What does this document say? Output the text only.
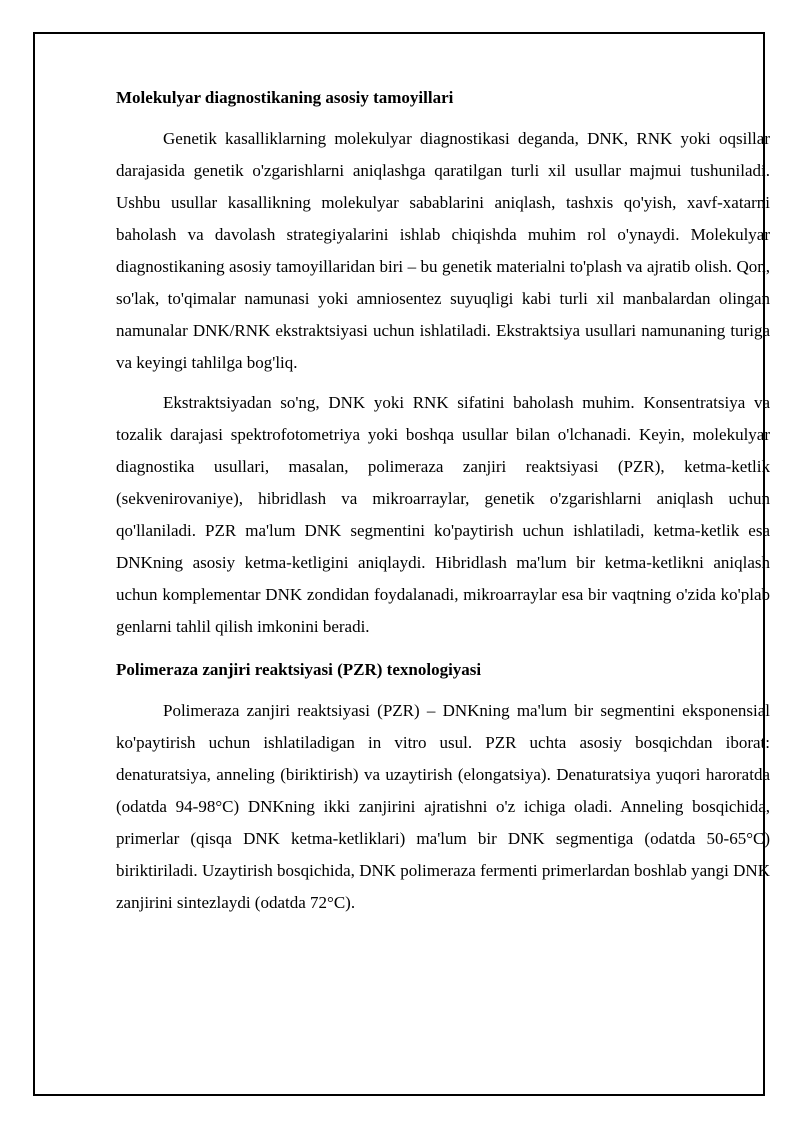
Molekulyar diagnostikaning asosiy tamoyillari

Genetik kasalliklarning molekulyar diagnostikasi deganda, DNK, RNK yoki oqsillar darajasida genetik o'zgarishlarni aniqlashga qaratilgan turli xil usullar majmui tushuniladi. Ushbu usullar kasallikning molekulyar sabablarini aniqlash, tashxis qo'yish, xavf-xatarni baholash va davolash strategiyalarini ishlab chiqishda muhim rol o'ynaydi. Molekulyar diagnostikaning asosiy tamoyillaridan biri – bu genetik materialni to'plash va ajratib olish. Qon, so'lak, to'qimalar namunasi yoki amniosentez suyuqligi kabi turli xil manbalardan olingan namunalar DNK/RNK ekstraktsiyasi uchun ishlatiladi. Ekstraktsiya usullari namunaning turiga va keyingi tahlilga bog'liq.

Ekstraktsiyadan so'ng, DNK yoki RNK sifatini baholash muhim. Konsentratsiya va tozalik darajasi spektrofotometriya yoki boshqa usullar bilan o'lchanadi. Keyin, molekulyar diagnostika usullari, masalan, polimeraza zanjiri reaktsiyasi (PZR), ketma-ketlik (sekvenirovaniye), hibridlash va mikroarraylar, genetik o'zgarishlarni aniqlash uchun qo'llaniladi. PZR ma'lum DNK segmentini ko'paytirish uchun ishlatiladi, ketma-ketlik esa DNKning asosiy ketma-ketligini aniqlaydi. Hibridlash ma'lum bir ketma-ketlikni aniqlash uchun komplementar DNK zondidan foydalanadi, mikroarraylar esa bir vaqtning o'zida ko'plab genlarni tahlil qilish imkonini beradi.

Polimeraza zanjiri reaktsiyasi (PZR) texnologiyasi

Polimeraza zanjiri reaktsiyasi (PZR) – DNKning ma'lum bir segmentini eksponensial ko'paytirish uchun ishlatiladigan in vitro usul. PZR uchta asosiy bosqichdan iborat: denaturatsiya, anneling (biriktirish) va uzaytirish (elongatsiya). Denaturatsiya yuqori haroratda (odatda 94-98°C) DNKning ikki zanjirini ajratishni o'z ichiga oladi. Anneling bosqichida, primerlar (qisqa DNK ketma-ketliklari) ma'lum bir DNK segmentiga (odatda 50-65°C) biriktiriladi. Uzaytirish bosqichida, DNK polimeraza fermenti primerlardan boshlab yangi DNK zanjirini sintezlaydi (odatda 72°C).
